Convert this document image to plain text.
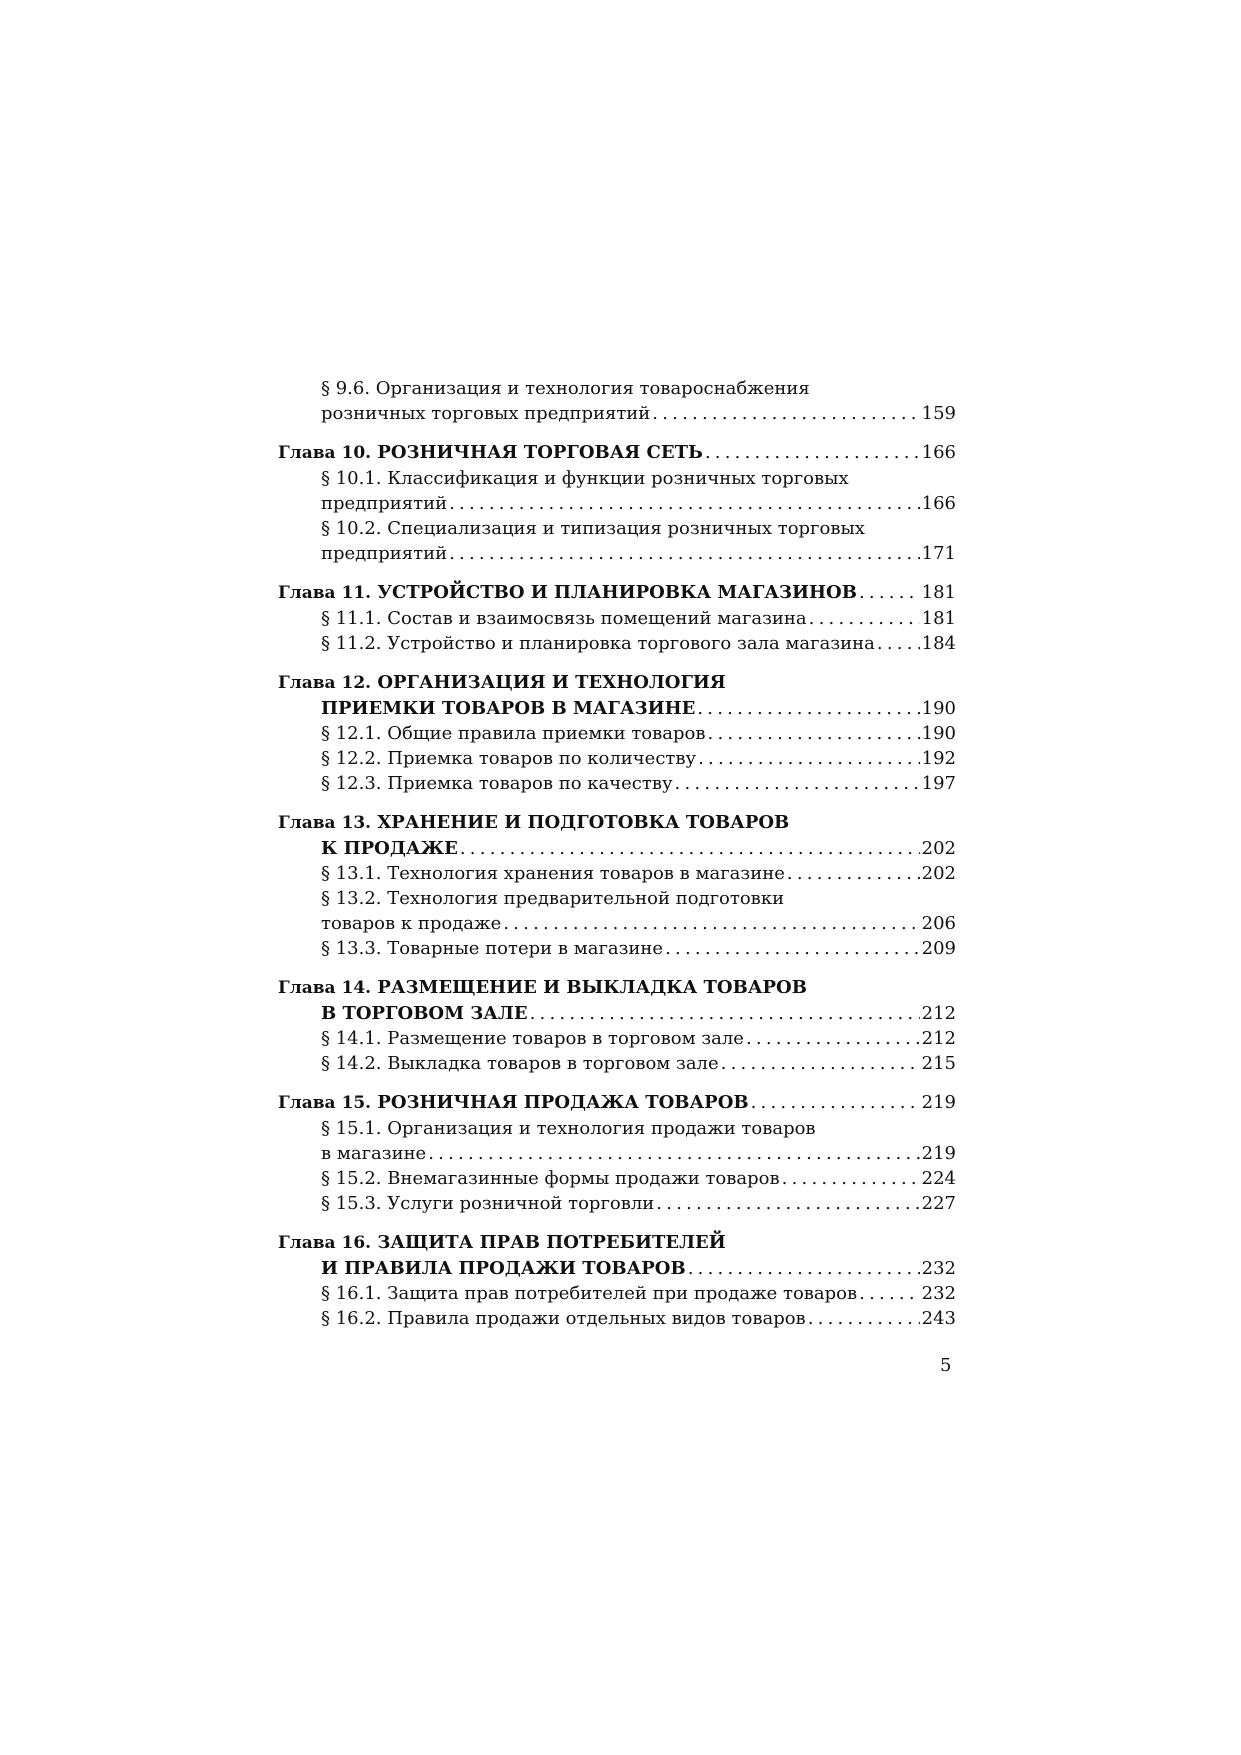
§ 9.6. Организация и технология товароснабжения
розничных торговых предприятий . . .	159
Глава 10. РОЗНИЧНАЯ ТОРГОВАЯ СЕТЬ . . .	166
§ 10.1. Классификация и функции розничных торговых
предприятий . . .	166
§ 10.2. Специализация и типизация розничных торговых
предприятий . . .	171
Глава 11. УСТРОЙСТВО И ПЛАНИРОВКА МАГАЗИНОВ . . .	181
§ 11.1. Состав и взаимосвязь помещений магазина . . .	181
§ 11.2. Устройство и планировка торгового зала магазина . . .	184
Глава 12. ОРГАНИЗАЦИЯ И ТЕХНОЛОГИЯ
ПРИЕМКИ ТОВАРОВ В МАГАЗИНЕ . . .	190
§ 12.1. Общие правила приемки товаров . . .	190
§ 12.2. Приемка товаров по количеству . . .	192
§ 12.3. Приемка товаров по качеству . . .	197
Глава 13. ХРАНЕНИЕ И ПОДГОТОВКА ТОВАРОВ
К ПРОДАЖЕ . . .	202
§ 13.1. Технология хранения товаров в магазине . . .	202
§ 13.2. Технология предварительной подготовки
товаров к продаже . . .	206
§ 13.3. Товарные потери в магазине . . .	209
Глава 14. РАЗМЕЩЕНИЕ И ВЫКЛАДКА ТОВАРОВ
В ТОРГОВОМ ЗАЛЕ . . .	212
§ 14.1. Размещение товаров в торговом зале . . .	212
§ 14.2. Выкладка товаров в торговом зале . . .	215
Глава 15. РОЗНИЧНАЯ ПРОДАЖА ТОВАРОВ . . .	219
§ 15.1. Организация и технология продажи товаров
в магазине . . .	219
§ 15.2. Внемагазинные формы продажи товаров . . .	224
§ 15.3. Услуги розничной торговли . . .	227
Глава 16. ЗАЩИТА ПРАВ ПОТРЕБИТЕЛЕЙ
И ПРАВИЛА ПРОДАЖИ ТОВАРОВ . . .	232
§ 16.1. Защита прав потребителей при продаже товаров . . .	232
§ 16.2. Правила продажи отдельных видов товаров . . .	243
5
